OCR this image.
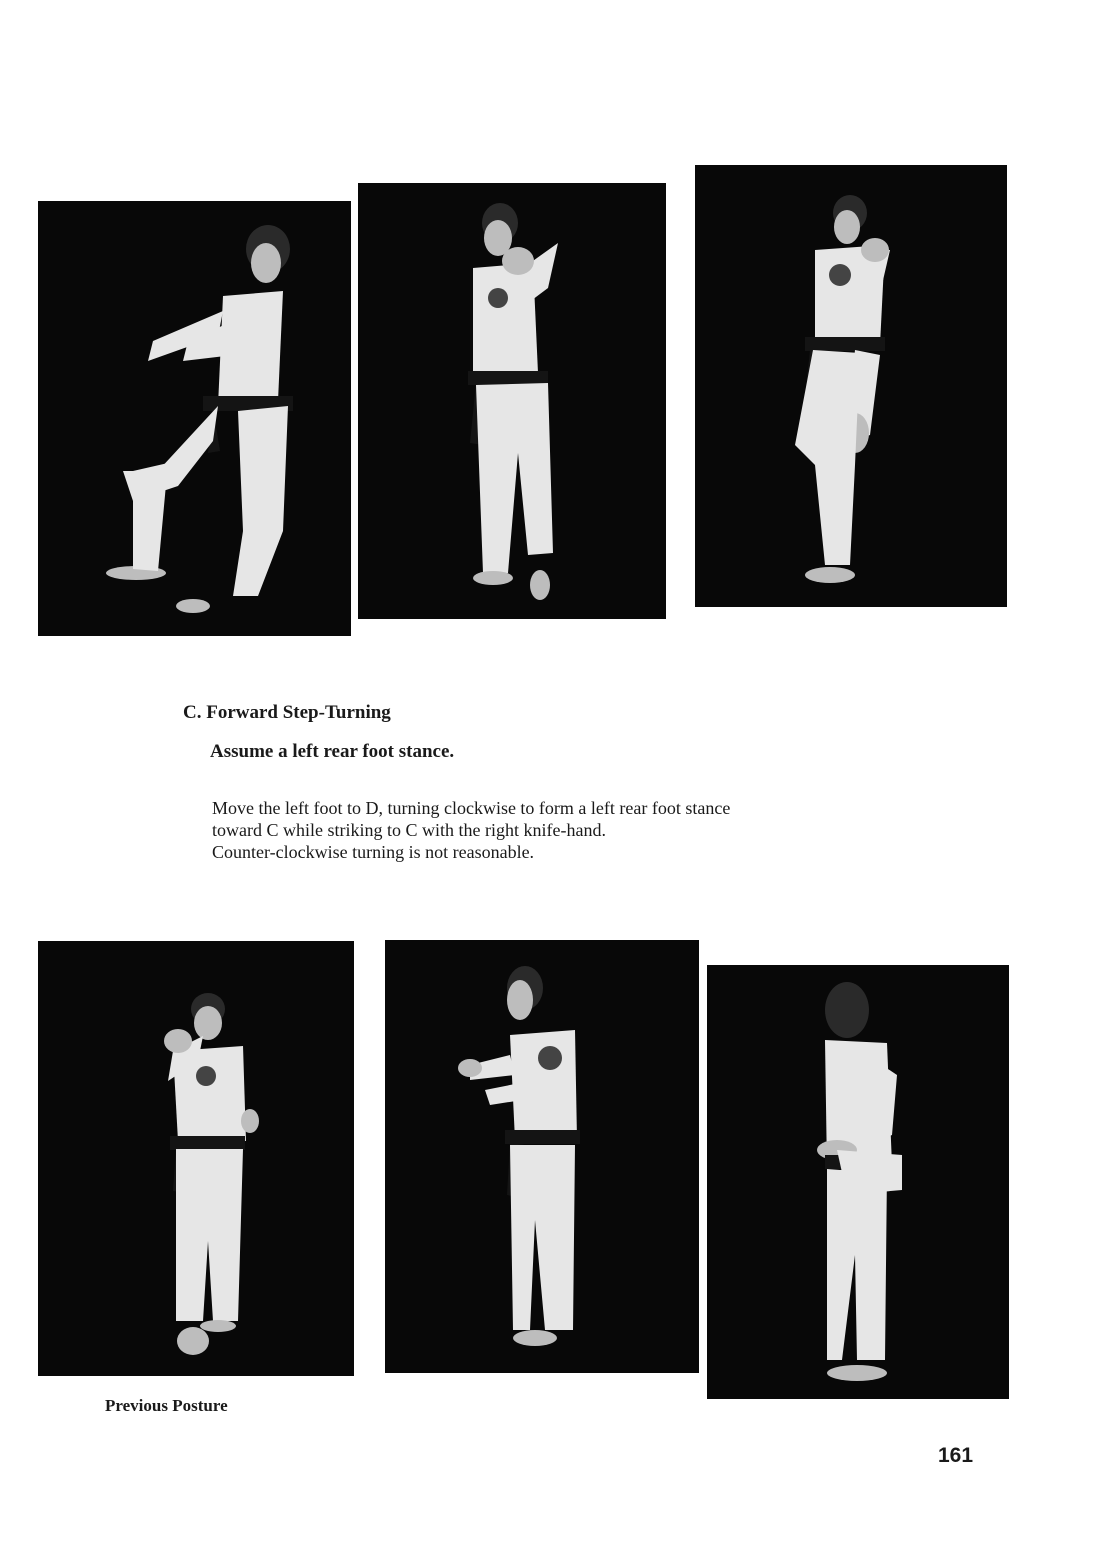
C. Forward Step-Turning
Assume a left rear foot stance.

Move the left foot to D, turning clockwise to form a left rear foot stance
toward C while striking to C with the right knife-hand.
Counter-clockwise turning is not reasonable.

Previous Posture

161
